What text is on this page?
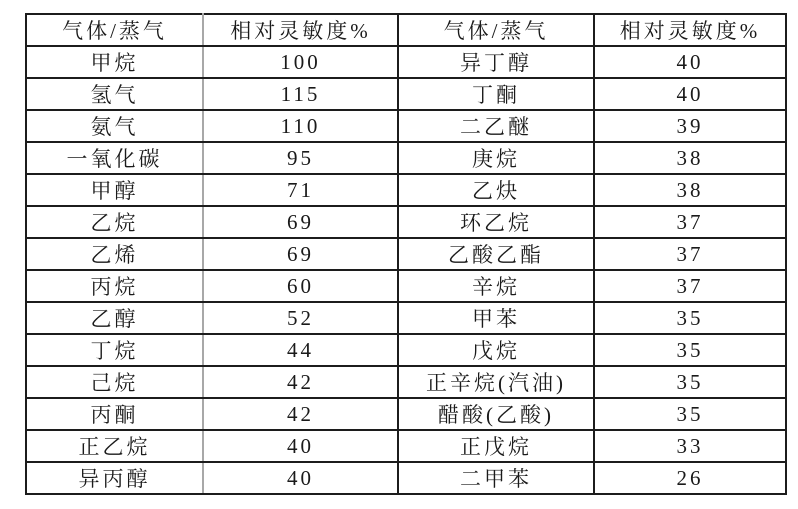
气体/蒸气	相对灵敏度%	气体/蒸气	相对灵敏度%
甲烷	100	异丁醇	40
氢气	115	丁酮	40
氨气	110	二乙醚	39
一氧化碳	95	庚烷	38
甲醇	71	乙炔	38
乙烷	69	环乙烷	37
乙烯	69	乙酸乙酯	37
丙烷	60	辛烷	37
乙醇	52	甲苯	35
丁烷	44	戊烷	35
己烷	42	正辛烷(汽油)	35
丙酮	42	醋酸(乙酸)	35
正乙烷	40	正戊烷	33
异丙醇	40	二甲苯	26
